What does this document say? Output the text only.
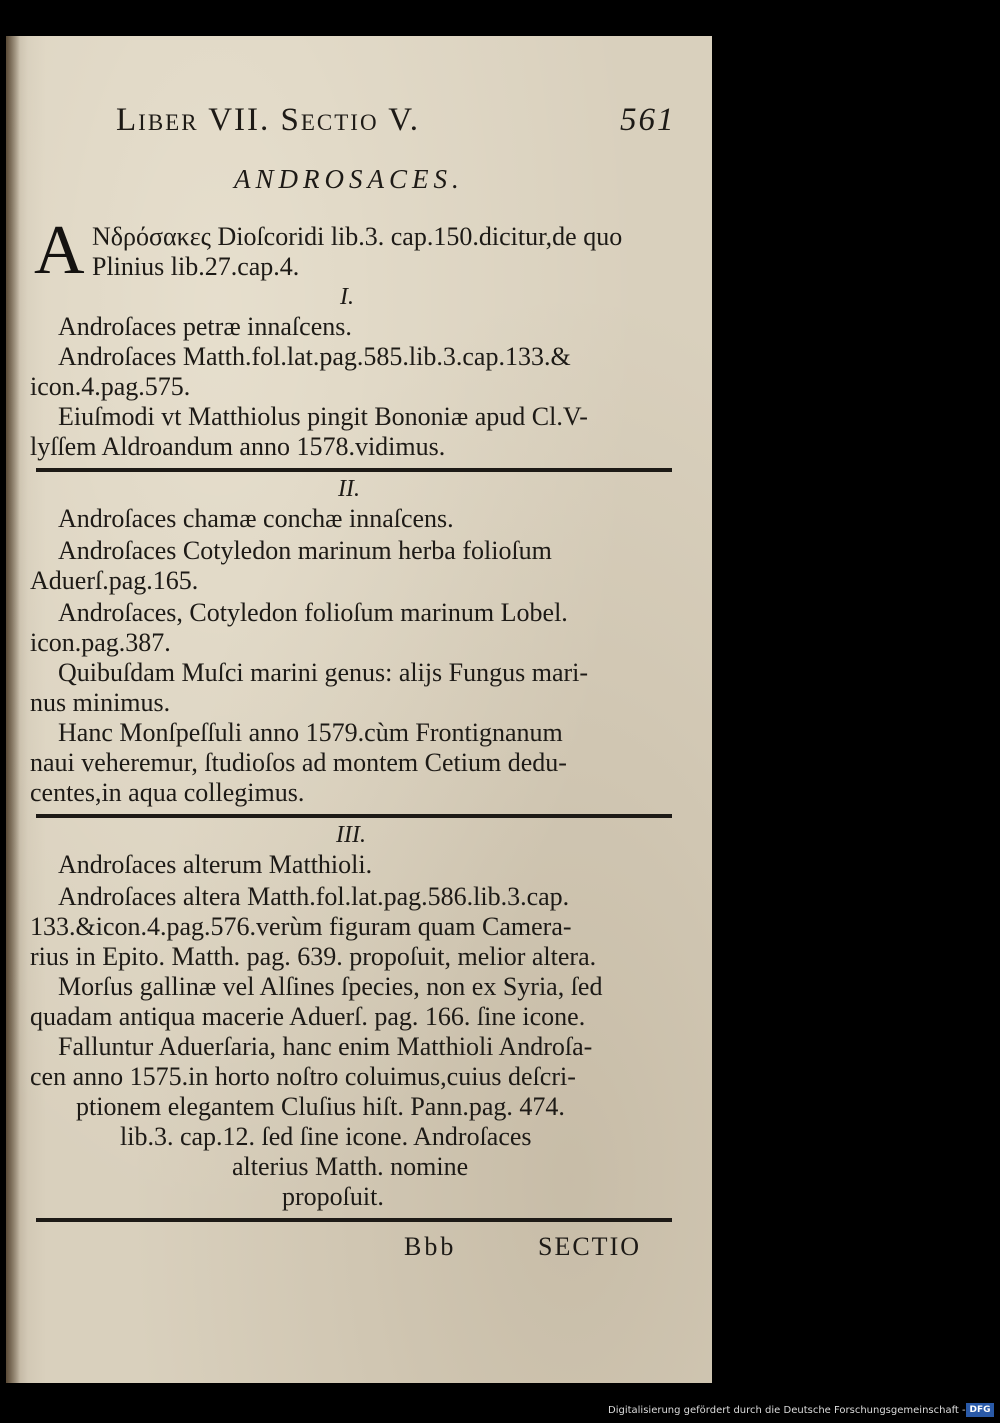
Liber VII. Sectio V.	561
ANDROSACES.
A Νδρόσακες Dioſcoridi lib.3. cap.150.dicitur,de quo
Plinius lib.27.cap.4.
I.
Androſaces petræ innaſcens.
Androſaces Matth.fol.lat.pag.585.lib.3.cap.133.&
icon.4.pag.575.
Eiuſmodi vt Matthiolus pingit Bononiæ apud Cl.V-
lyſſem Aldroandum anno 1578.vidimus.
II.
Androſaces chamæ conchæ innaſcens.
Androſaces Cotyledon marinum herba folioſum
Aduerſ.pag.165.
Androſaces, Cotyledon folioſum marinum Lobel.
icon.pag.387.
Quibuſdam Muſci marini genus: alijs Fungus mari-
nus minimus.
Hanc Monſpeſſuli anno 1579.cùm Frontignanum
naui veheremur, ſtudioſos ad montem Cetium dedu-
centes,in aqua collegimus.
III.
Androſaces alterum Matthioli.
Androſaces altera Matth.fol.lat.pag.586.lib.3.cap.
133.&icon.4.pag.576.verùm figuram quam Camera-
rius in Epito. Matth. pag. 639. propoſuit, melior altera.
Morſus gallinæ vel Alſines ſpecies, non ex Syria, ſed
quadam antiqua macerie Aduerſ. pag. 166. ſine icone.
Falluntur Aduerſaria, hanc enim Matthioli Androſa-
cen anno 1575.in horto noſtro coluimus,cuius deſcri-
ptionem elegantem Cluſius hiſt. Pann.pag. 474.
lib.3. cap.12. ſed ſine icone. Androſaces
alterius Matth. nomine
propoſuit.
Bbb	SECTIO
Digitalisierung gefördert durch die Deutsche Forschungsgemeinschaft - DFG
